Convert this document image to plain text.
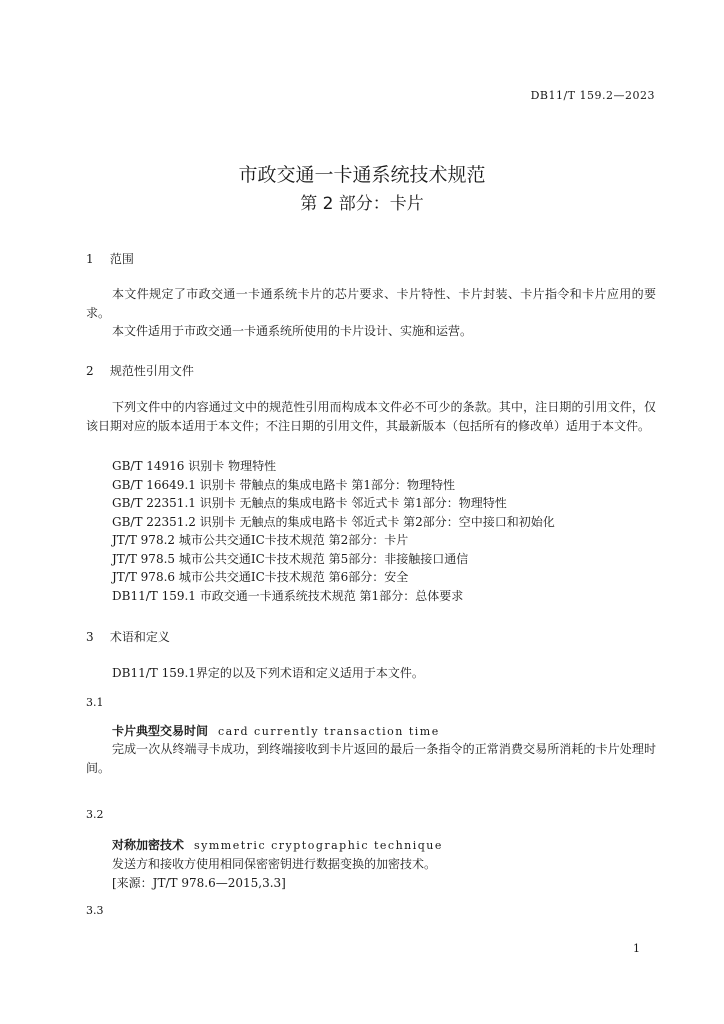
DB11/T 159.2—2023
市政交通一卡通系统技术规范
第 2 部分：卡片
1 范围
本文件规定了市政交通一卡通系统卡片的芯片要求、卡片特性、卡片封装、卡片指令和卡片应用的要求。
本文件适用于市政交通一卡通系统所使用的卡片设计、实施和运营。
2 规范性引用文件
下列文件中的内容通过文中的规范性引用而构成本文件必不可少的条款。其中，注日期的引用文件，仅该日期对应的版本适用于本文件；不注日期的引用文件，其最新版本（包括所有的修改单）适用于本文件。
GB/T 14916 识别卡 物理特性
GB/T 16649.1 识别卡 带触点的集成电路卡 第1部分：物理特性
GB/T 22351.1 识别卡 无触点的集成电路卡 邻近式卡 第1部分：物理特性
GB/T 22351.2 识别卡 无触点的集成电路卡 邻近式卡 第2部分：空中接口和初始化
JT/T 978.2 城市公共交通IC卡技术规范 第2部分：卡片
JT/T 978.5 城市公共交通IC卡技术规范 第5部分：非接触接口通信
JT/T 978.6 城市公共交通IC卡技术规范 第6部分：安全
DB11/T 159.1 市政交通一卡通系统技术规范 第1部分：总体要求
3 术语和定义
DB11/T 159.1界定的以及下列术语和定义适用于本文件。
3.1
卡片典型交易时间 card currently transaction time
完成一次从终端寻卡成功，到终端接收到卡片返回的最后一条指令的正常消费交易所消耗的卡片处理时间。
3.2
对称加密技术 symmetric cryptographic technique
发送方和接收方使用相同保密密钥进行数据变换的加密技术。
[来源：JT/T 978.6—2015,3.3]
3.3
1
